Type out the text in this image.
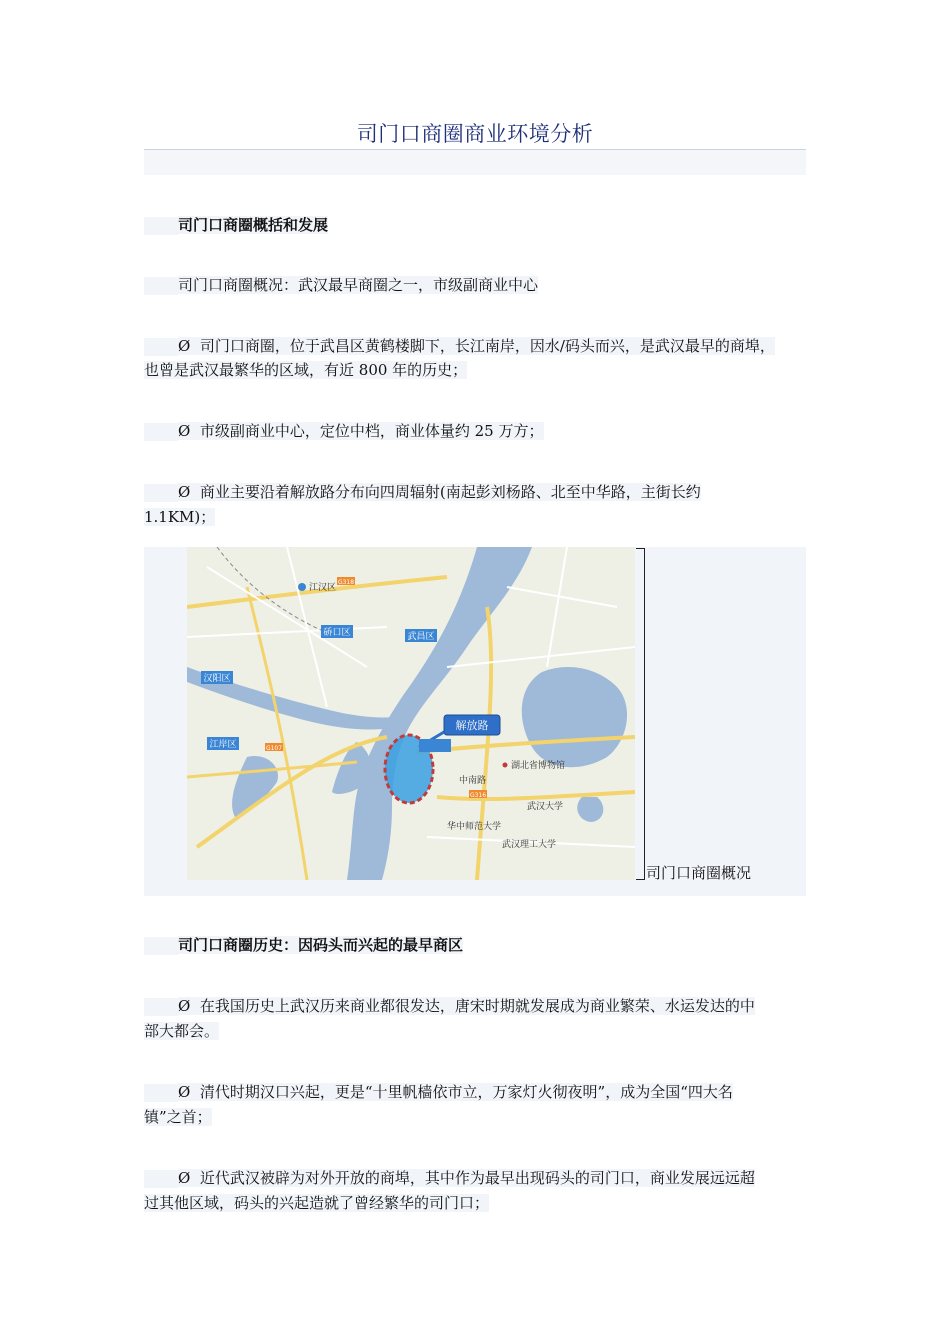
司门口商圈商业环境分析
司门口商圈概括和发展
司门口商圈概况：武汉最早商圈之一，市级副商业中心
Ø 司门口商圈，位于武昌区黄鹤楼脚下，长江南岸，因水/码头而兴，是武汉最早的商埠，
也曾是武汉最繁华的区域，有近 800 年的历史；
Ø 市级副商业中心，定位中档，商业体量约 25 万方；
Ø 商业主要沿着解放路分布向四周辐射(南起彭刘杨路、北至中华路，主街长约
1.1KM)；
解放路
硚口区
汉阳区
江岸区
武昌区
江汉区
湖北省博物馆
武汉大学
中南路
武汉理工大学
华中师范大学
G318
G316
G107
司门口商圈概况
司门口商圈历史：因码头而兴起的最早商区
Ø 在我国历史上武汉历来商业都很发达，唐宋时期就发展成为商业繁荣、水运发达的中
部大都会。
Ø 清代时期汉口兴起，更是“十里帆樯依市立，万家灯火彻夜明”，成为全国“四大名
镇”之首；
Ø 近代武汉被辟为对外开放的商埠，其中作为最早出现码头的司门口，商业发展远远超
过其他区域，码头的兴起造就了曾经繁华的司门口；
